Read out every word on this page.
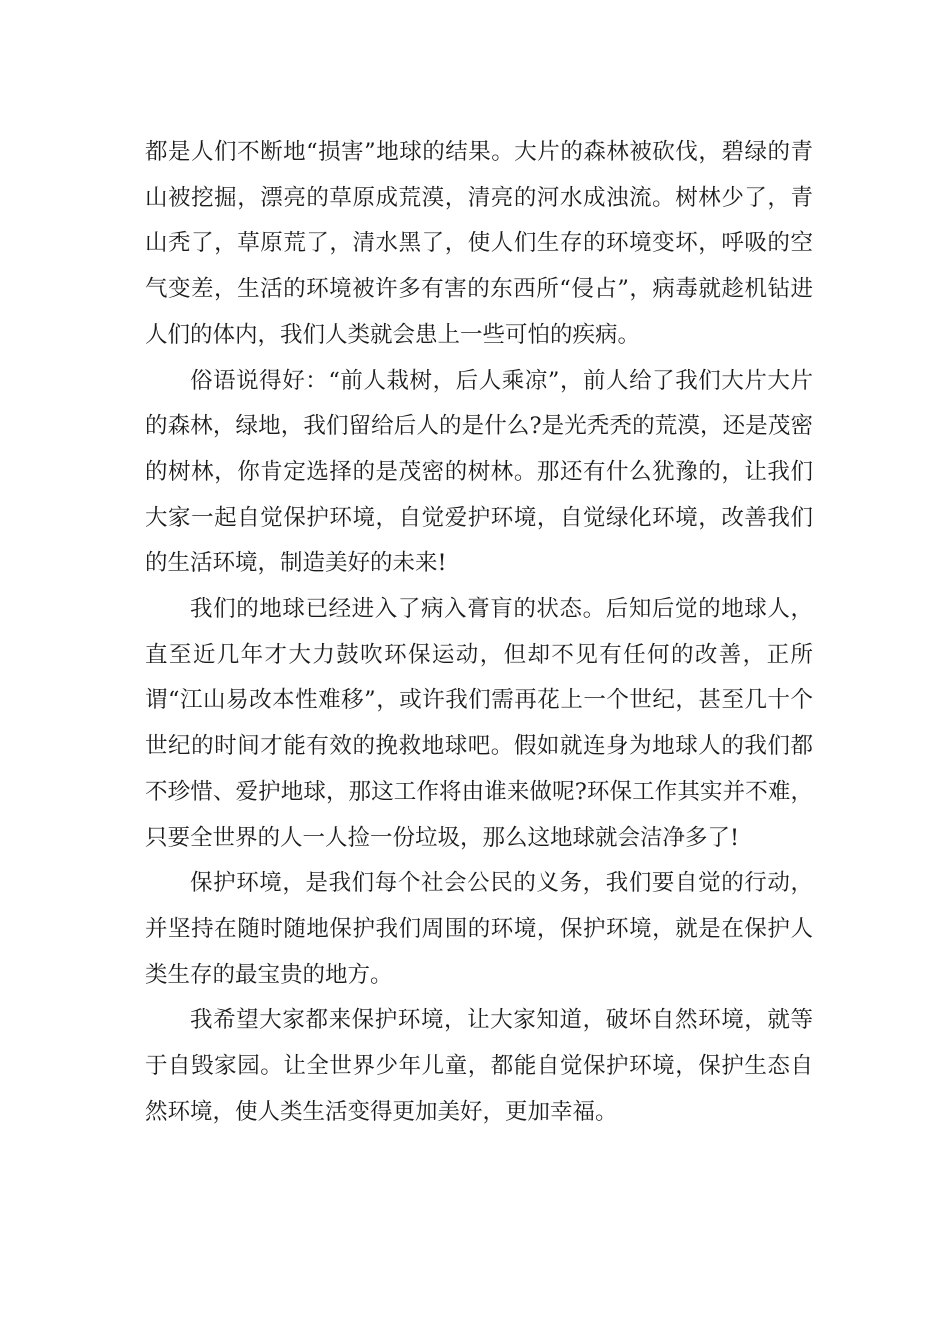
都是人们不断地“损害”地球的结果。大片的森林被砍伐，碧绿的青山被挖掘，漂亮的草原成荒漠，清亮的河水成浊流。树林少了，青山秃了，草原荒了，清水黑了，使人们生存的环境变坏，呼吸的空气变差，生活的环境被许多有害的东西所“侵占”，病毒就趁机钻进人们的体内，我们人类就会患上一些可怕的疾病。

俗语说得好：“前人栽树，后人乘凉”，前人给了我们大片大片的森林，绿地，我们留给后人的是什么?是光秃秃的荒漠，还是茂密的树林，你肯定选择的是茂密的树林。那还有什么犹豫的，让我们大家一起自觉保护环境，自觉爱护环境，自觉绿化环境，改善我们的生活环境，制造美好的未来!

我们的地球已经进入了病入膏肓的状态。后知后觉的地球人，直至近几年才大力鼓吹环保运动，但却不见有任何的改善，正所谓“江山易改本性难移”，或许我们需再花上一个世纪，甚至几十个世纪的时间才能有效的挽救地球吧。假如就连身为地球人的我们都不珍惜、爱护地球，那这工作将由谁来做呢?环保工作其实并不难，只要全世界的人一人捡一份垃圾，那么这地球就会洁净多了!

保护环境，是我们每个社会公民的义务，我们要自觉的行动，并坚持在随时随地保护我们周围的环境，保护环境，就是在保护人类生存的最宝贵的地方。

我希望大家都来保护环境，让大家知道，破坏自然环境，就等于自毁家园。让全世界少年儿童，都能自觉保护环境，保护生态自然环境，使人类生活变得更加美好，更加幸福。
